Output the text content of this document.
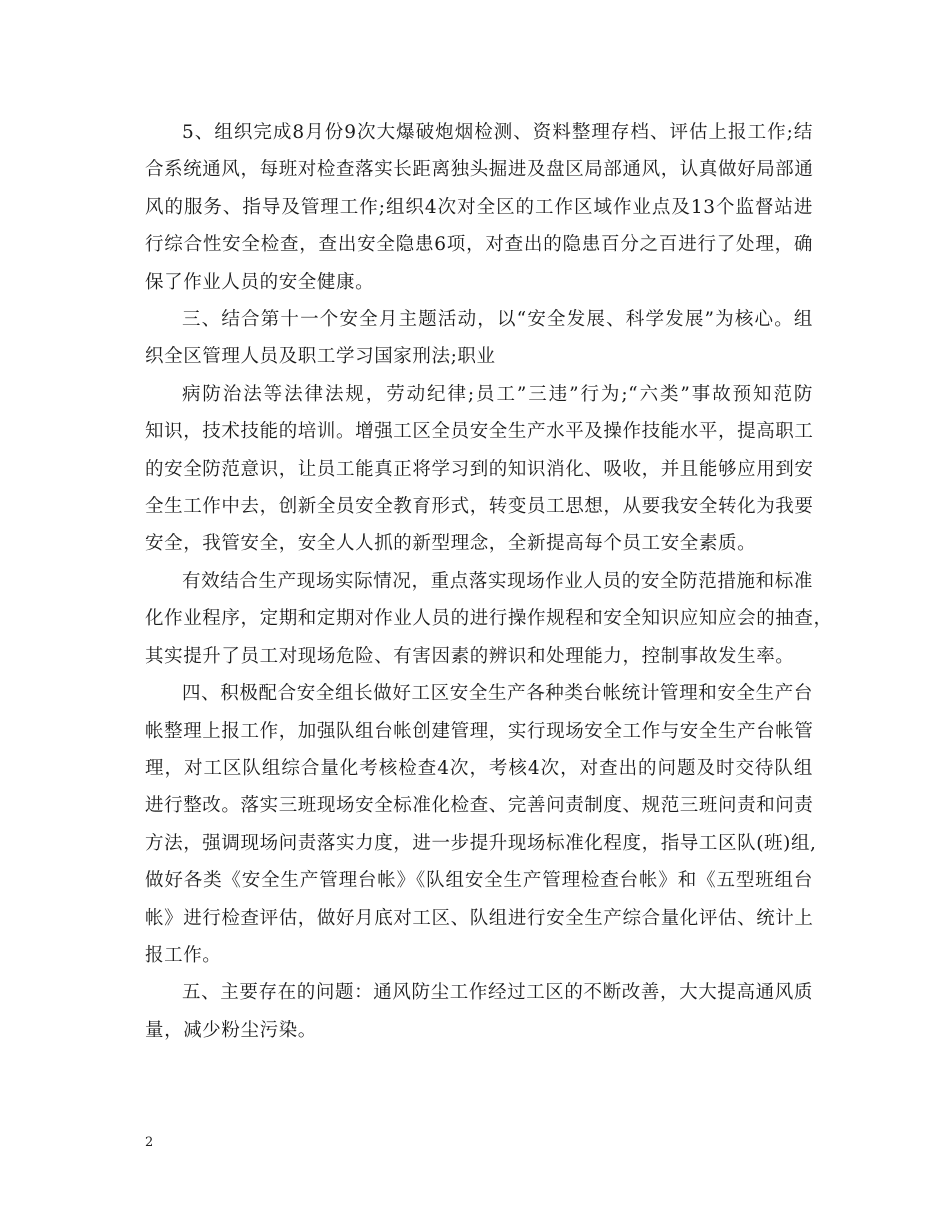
5、组织完成8月份9次大爆破炮烟检测、资料整理存档、评估上报工作;结
合系统通风，每班对检查落实长距离独头掘进及盘区局部通风，认真做好局部通
风的服务、指导及管理工作;组织4次对全区的工作区域作业点及13个监督站进
行综合性安全检查，查出安全隐患6项，对查出的隐患百分之百进行了处理，确
保了作业人员的安全健康。

三、结合第十一个安全月主题活动，以“安全发展、科学发展”为核心。组
织全区管理人员及职工学习国家刑法;职业

病防治法等法律法规，劳动纪律;员工”三违”行为;“六类”事故预知范防
知识，技术技能的培训。增强工区全员安全生产水平及操作技能水平，提高职工
的安全防范意识，让员工能真正将学习到的知识消化、吸收，并且能够应用到安
全生工作中去，创新全员安全教育形式，转变员工思想，从要我安全转化为我要
安全，我管安全，安全人人抓的新型理念，全新提高每个员工安全素质。

有效结合生产现场实际情况，重点落实现场作业人员的安全防范措施和标准
化作业程序，定期和定期对作业人员的进行操作规程和安全知识应知应会的抽查，
其实提升了员工对现场危险、有害因素的辨识和处理能力，控制事故发生率。

四、积极配合安全组长做好工区安全生产各种类台帐统计管理和安全生产台
帐整理上报工作，加强队组台帐创建管理，实行现场安全工作与安全生产台帐管
理，对工区队组综合量化考核检查4次，考核4次，对查出的问题及时交待队组
进行整改。落实三班现场安全标准化检查、完善问责制度、规范三班问责和问责
方法，强调现场问责落实力度，进一步提升现场标准化程度，指导工区队(班)组,
做好各类《安全生产管理台帐》《队组安全生产管理检查台帐》和《五型班组台
帐》进行检查评估，做好月底对工区、队组进行安全生产综合量化评估、统计上
报工作。

五、主要存在的问题：通风防尘工作经过工区的不断改善，大大提高通风质
量，减少粉尘污染。

2
